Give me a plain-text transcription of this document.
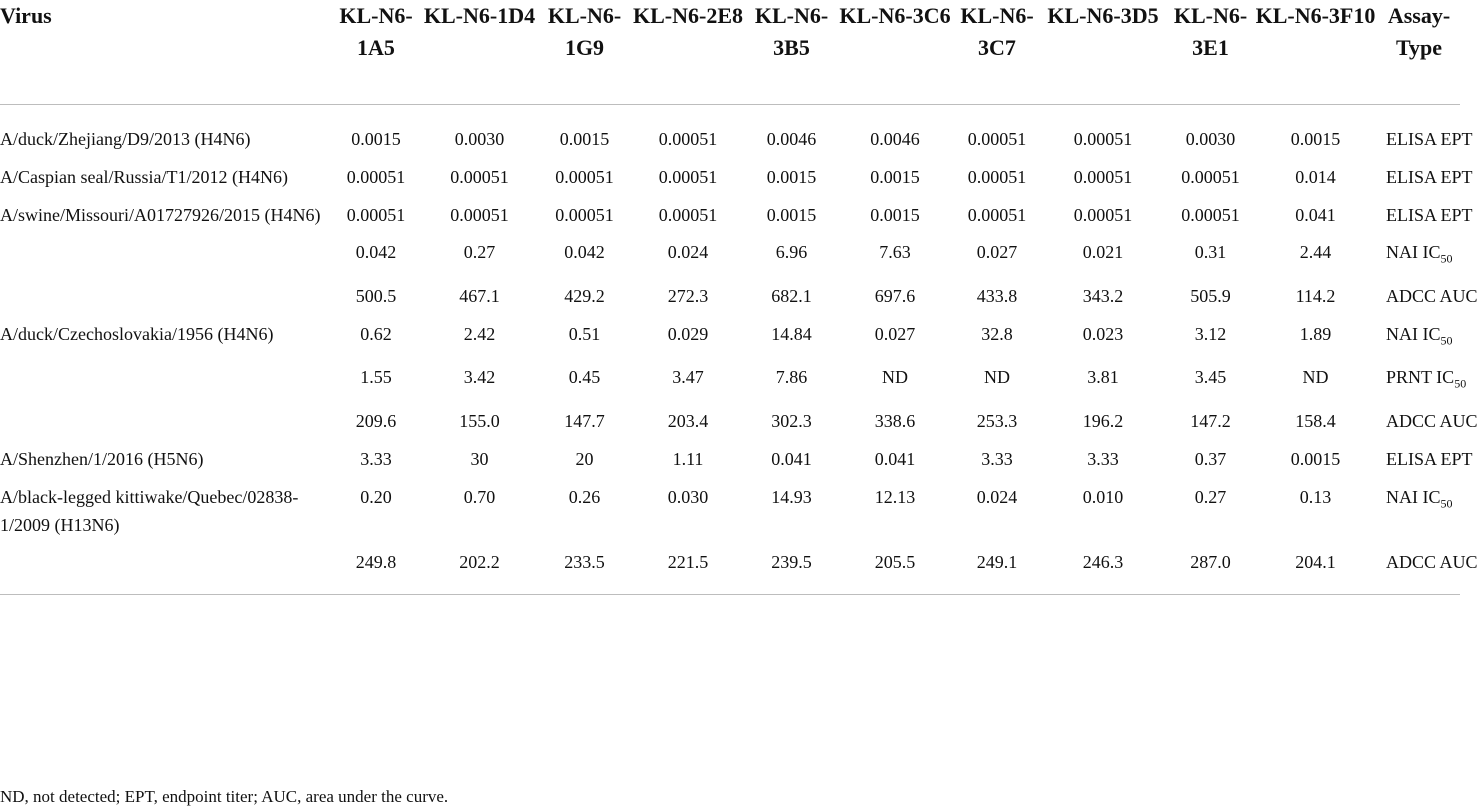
Virus	KL-N6-1A5	KL-N6-1D4	KL-N6-1G9	KL-N6-2E8	KL-N6-3B5	KL-N6-3C6	KL-N6-3C7	KL-N6-3D5	KL-N6-3E1	KL-N6-3F10	Assay-Type
A/duck/Zhejiang/D9/2013 (H4N6)	0.0015	0.0030	0.0015	0.00051	0.0046	0.0046	0.00051	0.00051	0.0030	0.0015	ELISA EPT
A/Caspian seal/Russia/T1/2012 (H4N6)	0.00051	0.00051	0.00051	0.00051	0.0015	0.0015	0.00051	0.00051	0.00051	0.014	ELISA EPT
A/swine/Missouri/A01727926/2015 (H4N6)	0.00051	0.00051	0.00051	0.00051	0.0015	0.0015	0.00051	0.00051	0.00051	0.041	ELISA EPT
	0.042	0.27	0.042	0.024	6.96	7.63	0.027	0.021	0.31	2.44	NAI $IC_{50}$
	500.5	467.1	429.2	272.3	682.1	697.6	433.8	343.2	505.9	114.2	ADCC AUC
A/duck/Czechoslovakia/1956 (H4N6)	0.62	2.42	0.51	0.029	14.84	0.027	32.8	0.023	3.12	1.89	NAI $IC_{50}$
	1.55	3.42	0.45	3.47	7.86	ND	ND	3.81	3.45	ND	PRNT $IC_{50}$
	209.6	155.0	147.7	203.4	302.3	338.6	253.3	196.2	147.2	158.4	ADCC AUC
A/Shenzhen/1/2016 (H5N6)	3.33	30	20	1.11	0.041	0.041	3.33	3.33	0.37	0.0015	ELISA EPT
A/black-legged kittiwake/Quebec/02838-1/2009 (H13N6)	0.20	0.70	0.26	0.030	14.93	12.13	0.024	0.010	0.27	0.13	NAI $IC_{50}$
	249.8	202.2	233.5	221.5	239.5	205.5	249.1	246.3	287.0	204.1	ADCC AUC
ND, not detected; EPT, endpoint titer; AUC, area under the curve.
